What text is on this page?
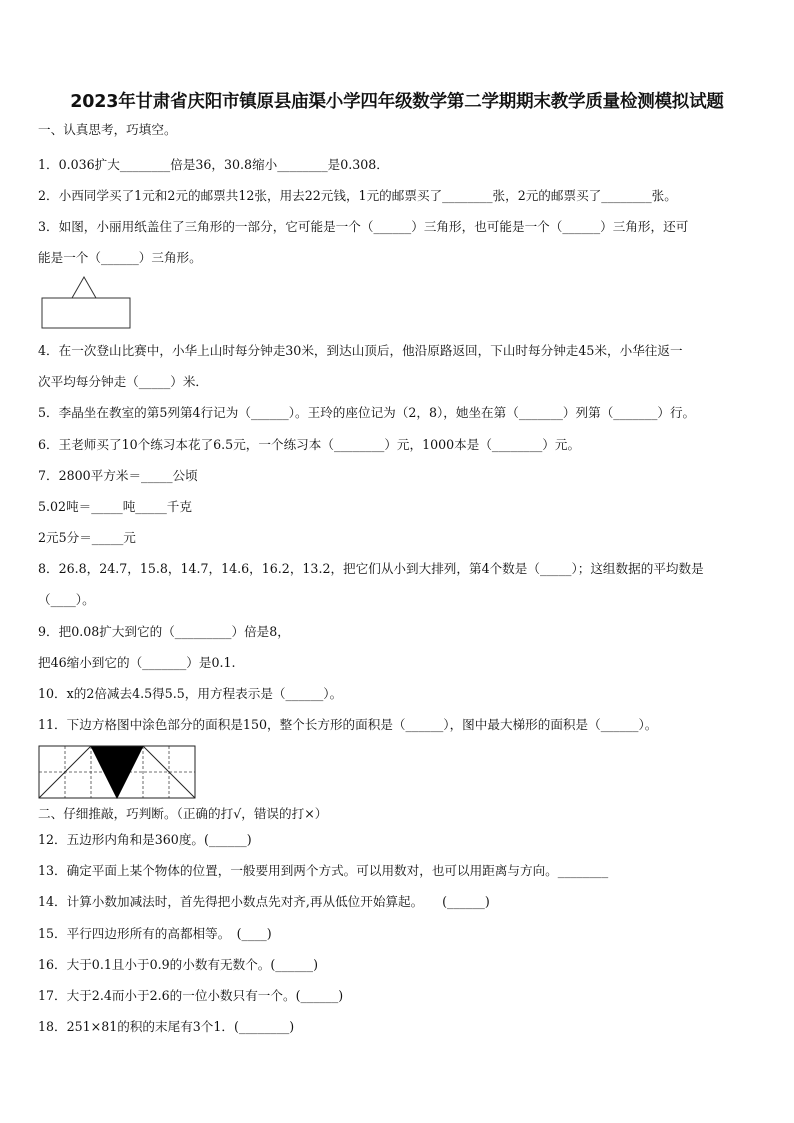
2023年甘肃省庆阳市镇原县庙渠小学四年级数学第二学期期末教学质量检测模拟试题
一、认真思考，巧填空。
1．0.036扩大________倍是36，30.8缩小________是0.308．
2．小西同学买了1元和2元的邮票共12张，用去22元钱，1元的邮票买了________张，2元的邮票买了________张。
3．如图，小丽用纸盖住了三角形的一部分，它可能是一个（______）三角形，也可能是一个（______）三角形，还可
能是一个（______）三角形。
4．在一次登山比赛中，小华上山时每分钟走30米，到达山顶后，他沿原路返回，下山时每分钟走45米，小华往返一
次平均每分钟走（_____）米．
5．李晶坐在教室的第5列第4行记为（______）。王玲的座位记为（2，8），她坐在第（_______）列第（_______）行。
6．王老师买了10个练习本花了6.5元，一个练习本（________）元，1000本是（________）元。
7．2800平方米＝_____公顷
5.02吨＝_____吨_____千克
2元5分＝_____元
8．26.8，24.7，15.8，14.7，14.6，16.2，13.2，把它们从小到大排列，第4个数是（_____）；这组数据的平均数是
（____）。
9．把0.08扩大到它的（_________）倍是8，
把46缩小到它的（_______）是0.1.
10．x的2倍减去4.5得5.5，用方程表示是（______）。
11．下边方格图中涂色部分的面积是150，整个长方形的面积是（______），图中最大梯形的面积是（______）。
二、仔细推敲，巧判断。（正确的打√，错误的打×）
12．五边形内角和是360度。(______)
13．确定平面上某个物体的位置，一般要用到两个方式。可以用数对，也可以用距离与方向。________
14．计算小数加减法时，首先得把小数点先对齐,再从低位开始算起。　　(______)
15．平行四边形所有的高都相等。　(____)
16．大于0.1且小于0.9的小数有无数个。(______)
17．大于2.4而小于2.6的一位小数只有一个。(______)
18．251×81的积的末尾有3个1．(________)
